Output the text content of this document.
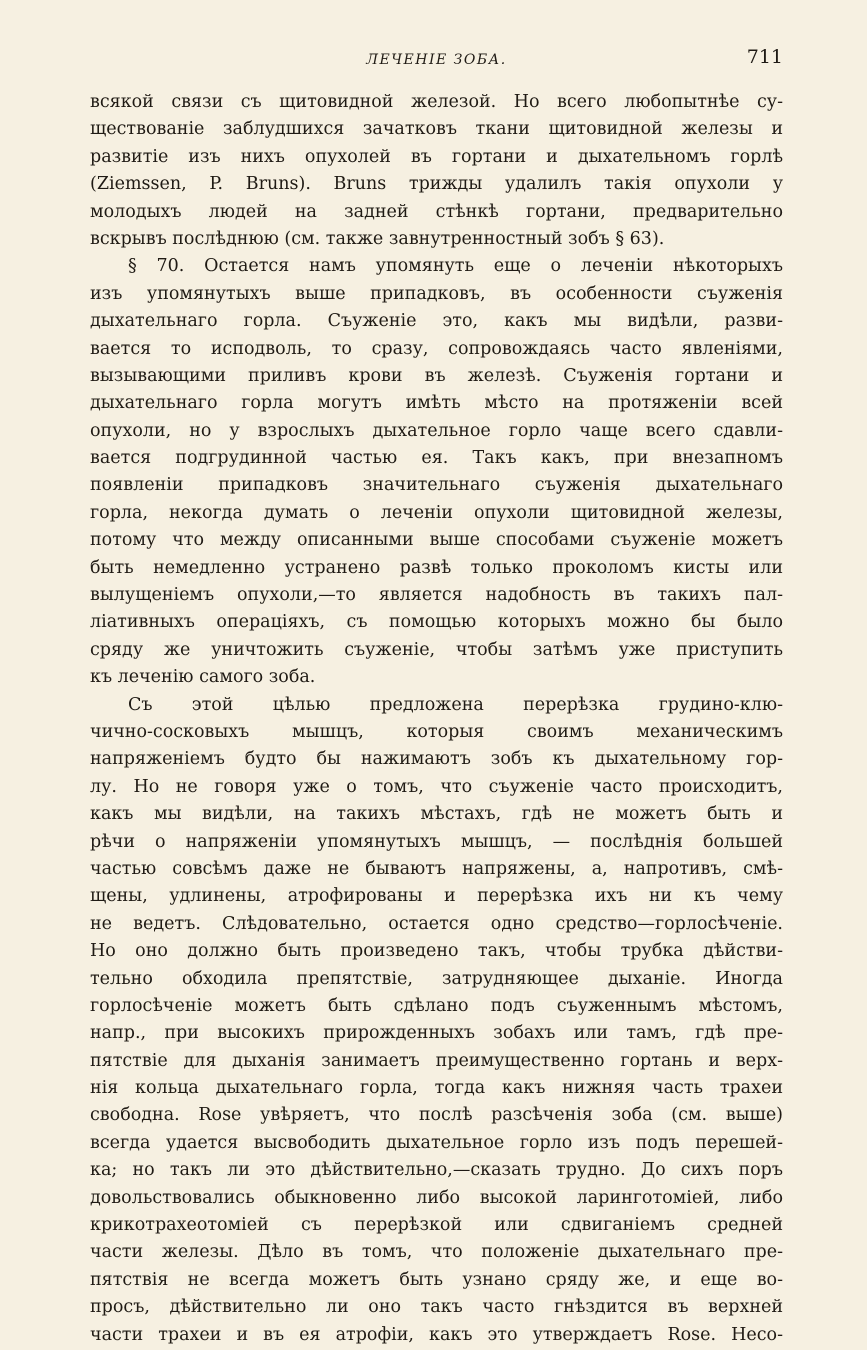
ЛЕЧЕНІЕ ЗОБА.	711
всякой связи съ щитовидной железой. Но всего любопытнѣе су-
ществованіе заблудшихся зачатковъ ткани щитовидной железы и
развитіе изъ нихъ опухолей въ гортани и дыхательномъ горлѣ
(Ziemssen, P. Bruns). Bruns трижды удалилъ такія опухоли у
молодыхъ людей на задней стѣнкѣ гортани, предварительно
вскрывъ послѣднюю (см. также завнутренностный зобъ § 63).
§ 70. Остается намъ упомянуть еще о леченіи нѣкоторыхъ
изъ упомянутыхъ выше припадковъ, въ особенности съуженія
дыхательнаго горла. Съуженіе это, какъ мы видѣли, разви-
вается то исподволь, то сразу, сопровождаясь часто явленіями,
вызывающими приливъ крови въ железѣ. Съуженія гортани и
дыхательнаго горла могутъ имѣть мѣсто на протяженіи всей
опухоли, но у взрослыхъ дыхательное горло чаще всего сдавли-
вается подгрудинной частью ея. Такъ какъ, при внезапномъ
появленіи припадковъ значительнаго съуженія дыхательнаго
горла, некогда думать о леченіи опухоли щитовидной железы,
потому что между описанными выше способами съуженіе можетъ
быть немедленно устранено развѣ только проколомъ кисты или
вылущеніемъ опухоли,—то является надобность въ такихъ пал-
ліативныхъ операціяхъ, съ помощью которыхъ можно бы было
сряду же уничтожить съуженіе, чтобы затѣмъ уже приступить
къ леченію самого зоба.
Съ этой цѣлью предложена перерѣзка грудино-клю-
чично-сосковыхъ мышцъ, которыя своимъ механическимъ
напряженіемъ будто бы нажимаютъ зобъ къ дыхательному гор-
лу. Но не говоря уже о томъ, что съуженіе часто происходитъ,
какъ мы видѣли, на такихъ мѣстахъ, гдѣ не можетъ быть и
рѣчи о напряженіи упомянутыхъ мышцъ, — послѣднія большей
частью совсѣмъ даже не бываютъ напряжены, а, напротивъ, смѣ-
щены, удлинены, атрофированы и перерѣзка ихъ ни къ чему
не ведетъ. Слѣдовательно, остается одно средство—горлосѣченіе.
Но оно должно быть произведено такъ, чтобы трубка дѣйстви-
тельно обходила препятствіе, затрудняющее дыханіе. Иногда
горлосѣченіе можетъ быть сдѣлано подъ съуженнымъ мѣстомъ,
напр., при высокихъ прирожденныхъ зобахъ или тамъ, гдѣ пре-
пятствіе для дыханія занимаетъ преимущественно гортань и верх-
нія кольца дыхательнаго горла, тогда какъ нижняя часть трахеи
свободна. Rose увѣряетъ, что послѣ разсѣченія зоба (см. выше)
всегда удается высвободить дыхательное горло изъ подъ перешей-
ка; но такъ ли это дѣйствительно,—сказать трудно. До сихъ поръ
довольствовались обыкновенно либо высокой ларинготоміей, либо
крикотрахеотоміей съ перерѣзкой или сдвиганіемъ средней
части железы. Дѣло въ томъ, что положеніе дыхательнаго пре-
пятствія не всегда можетъ быть узнано сряду же, и еще во-
просъ, дѣйствительно ли оно такъ часто гнѣздится въ верхней
части трахеи и въ ея атрофіи, какъ это утверждаетъ Rose. Несо-
